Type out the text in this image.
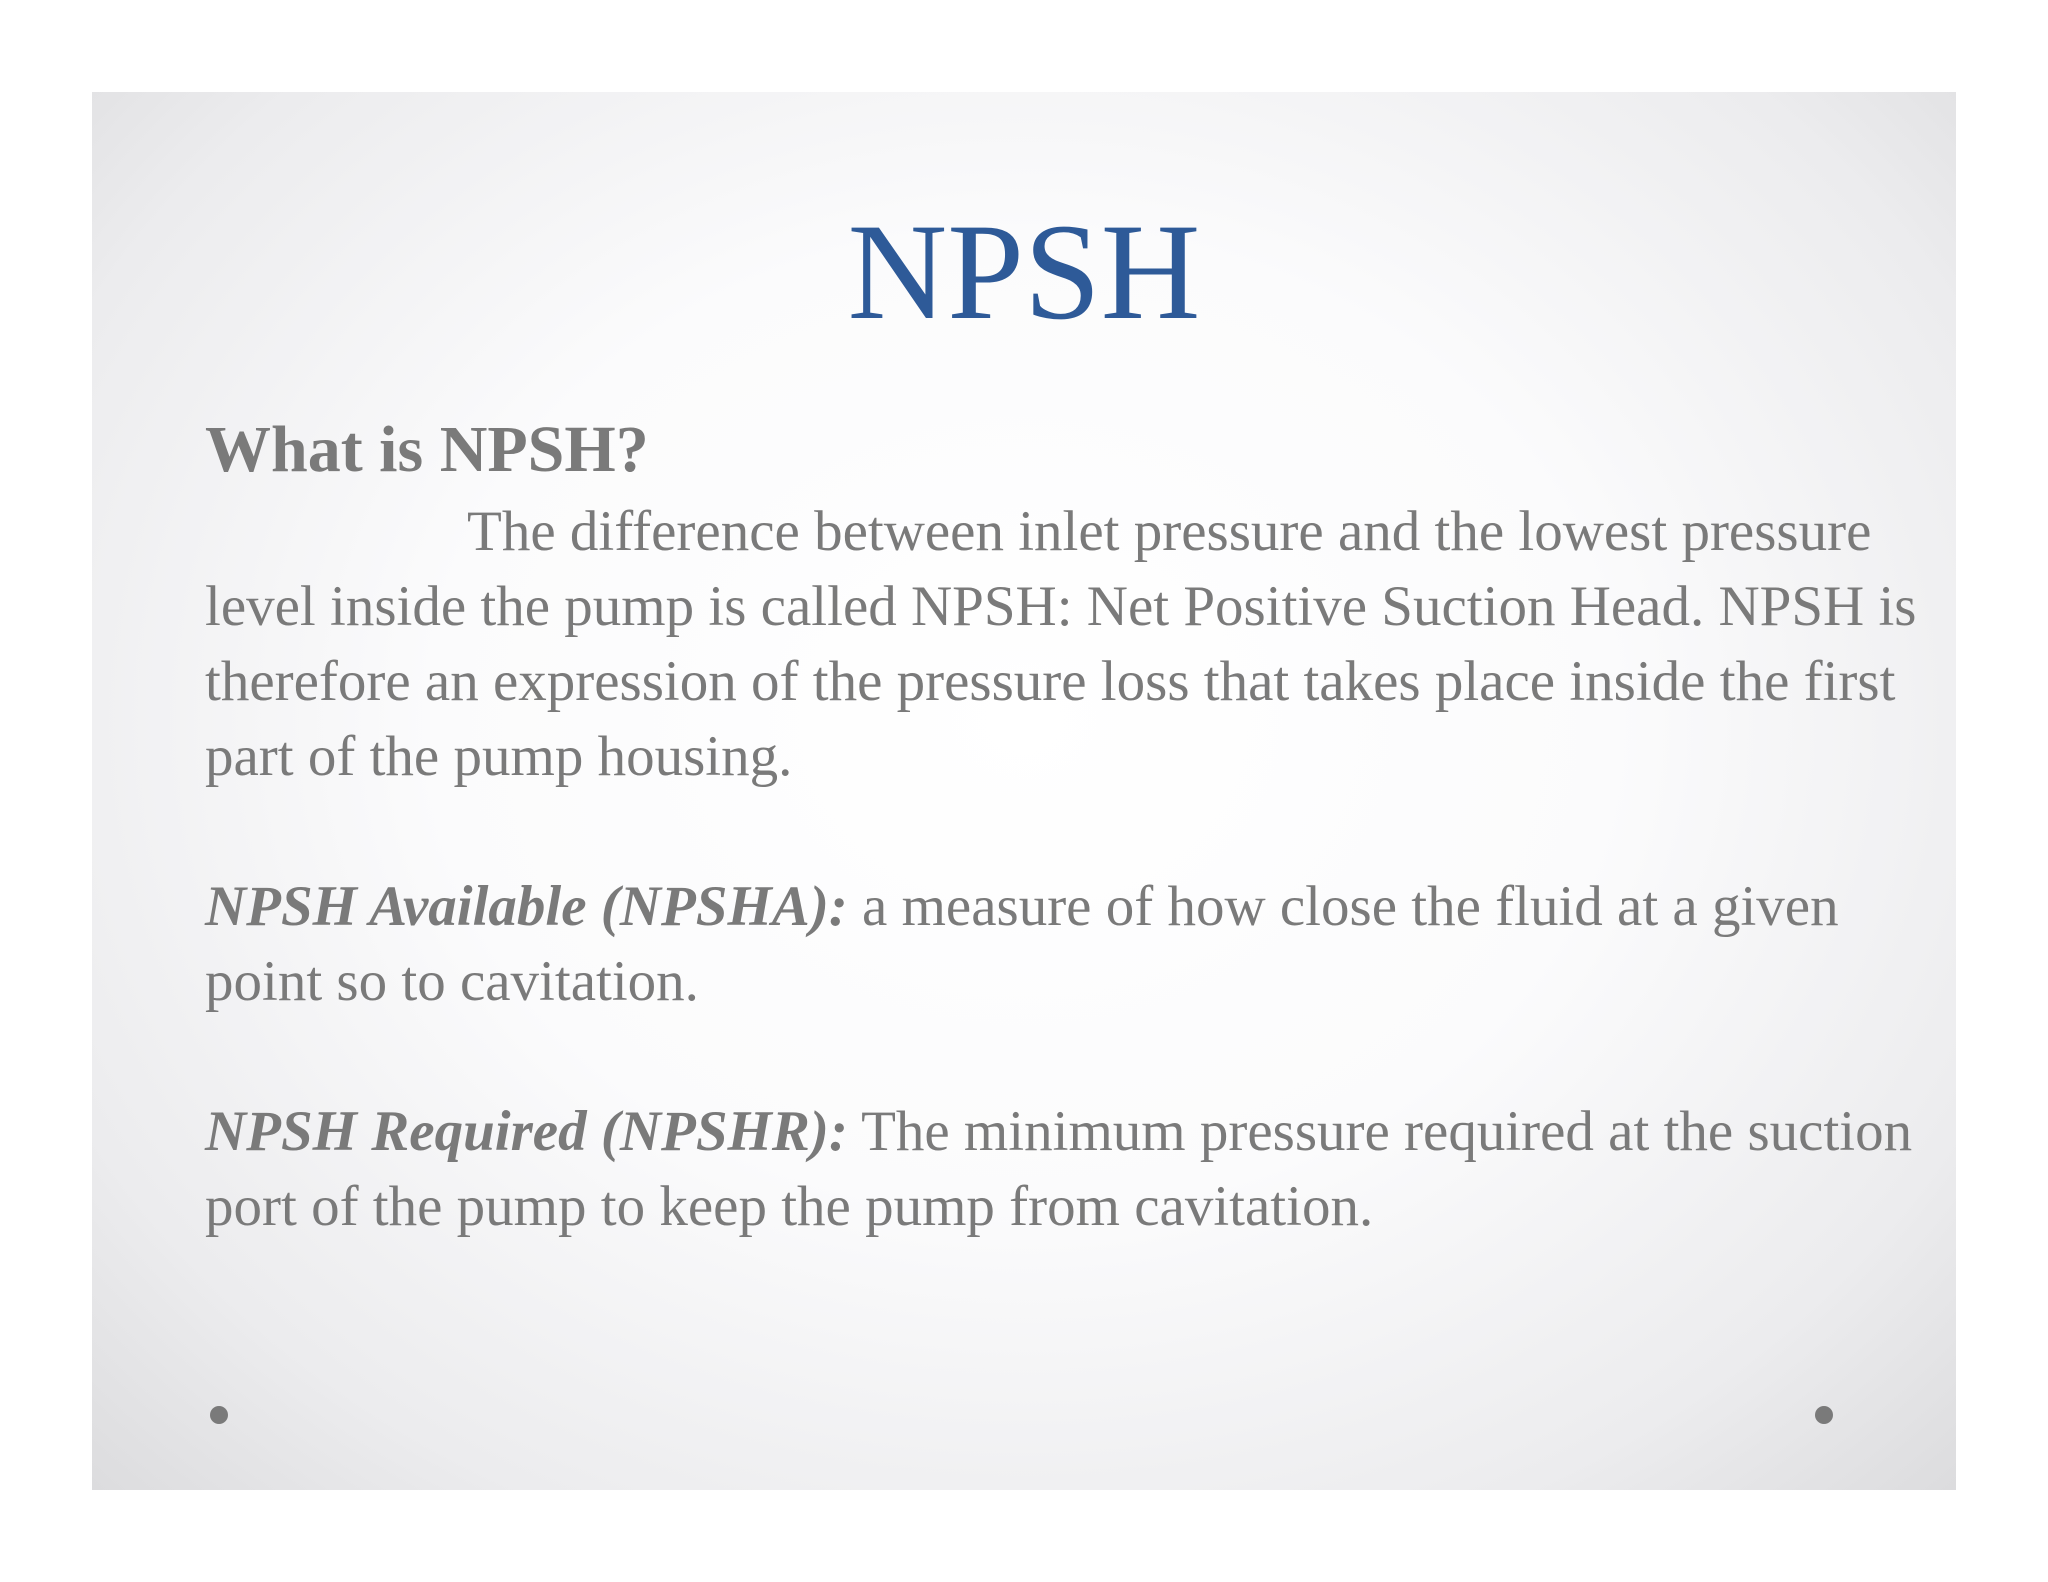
NPSH
What is NPSH?

The difference between inlet pressure and the lowest pressure level inside the pump is called NPSH: Net Positive Suction Head. NPSH is therefore an expression of the pressure loss that takes place inside the first part of the pump housing.

NPSH Available (NPSHA): a measure of how close the fluid at a given point so to cavitation.

NPSH Required (NPSHR): The minimum pressure required at the suction port of the pump to keep the pump from cavitation.
